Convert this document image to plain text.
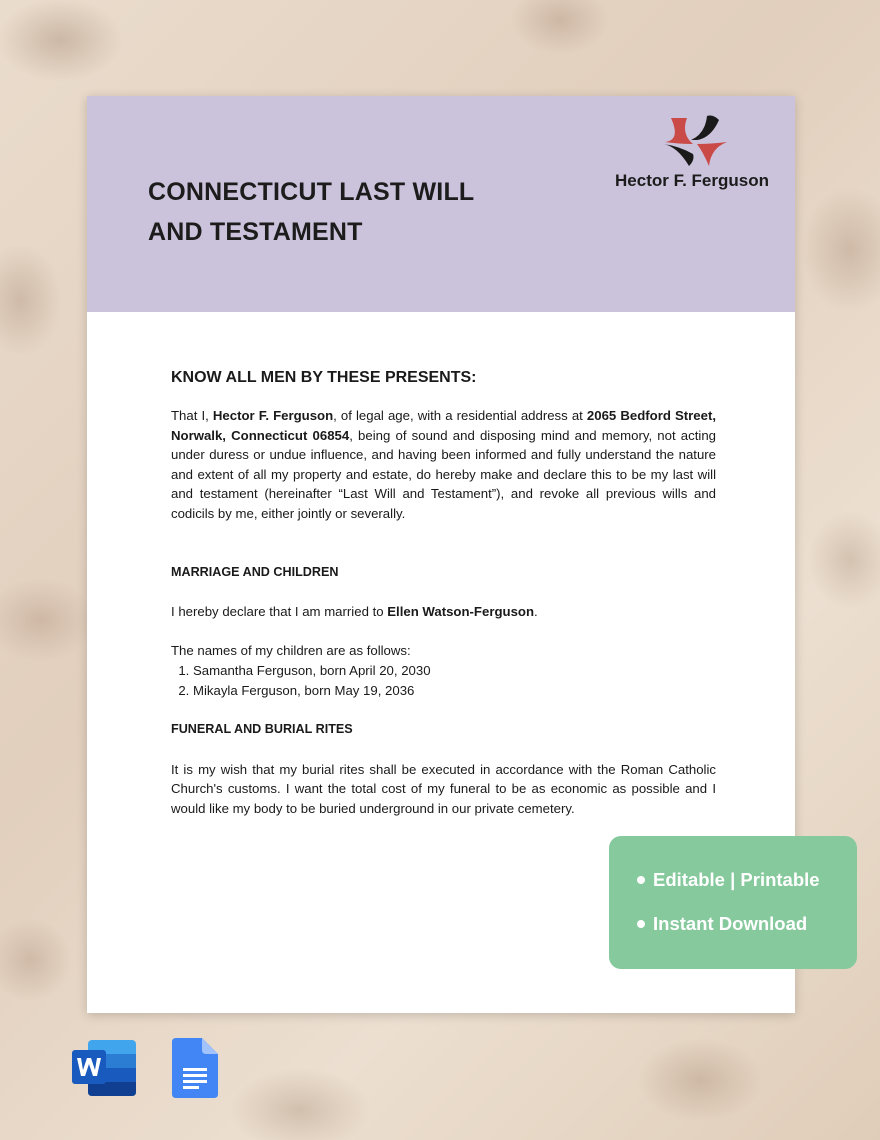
CONNECTICUT LAST WILL
AND TESTAMENT
Hector F. Ferguson
KNOW ALL MEN BY THESE PRESENTS:

That I, Hector F. Ferguson, of legal age, with a residential address at 2065 Bedford Street, Norwalk, Connecticut 06854, being of sound and disposing mind and memory, not acting under duress or undue influence, and having been informed and fully understand the nature and extent of all my property and estate, do hereby make and declare this to be my last will and testament (hereinafter “Last Will and Testament”), and revoke all previous wills and codicils by me, either jointly or severally.

MARRIAGE AND CHILDREN

I hereby declare that I am married to Ellen Watson-Ferguson.

The names of my children are as follows:

1. Samantha Ferguson, born April 20, 2030
2. Mikayla Ferguson, born May 19, 2036
FUNERAL AND BURIAL RITES

It is my wish that my burial rites shall be executed in accordance with the Roman Catholic Church's customs. I want the total cost of my funeral to be as economic as possible and I would like my body to be buried underground in our private cemetery.

Editable | Printable
Instant Download
